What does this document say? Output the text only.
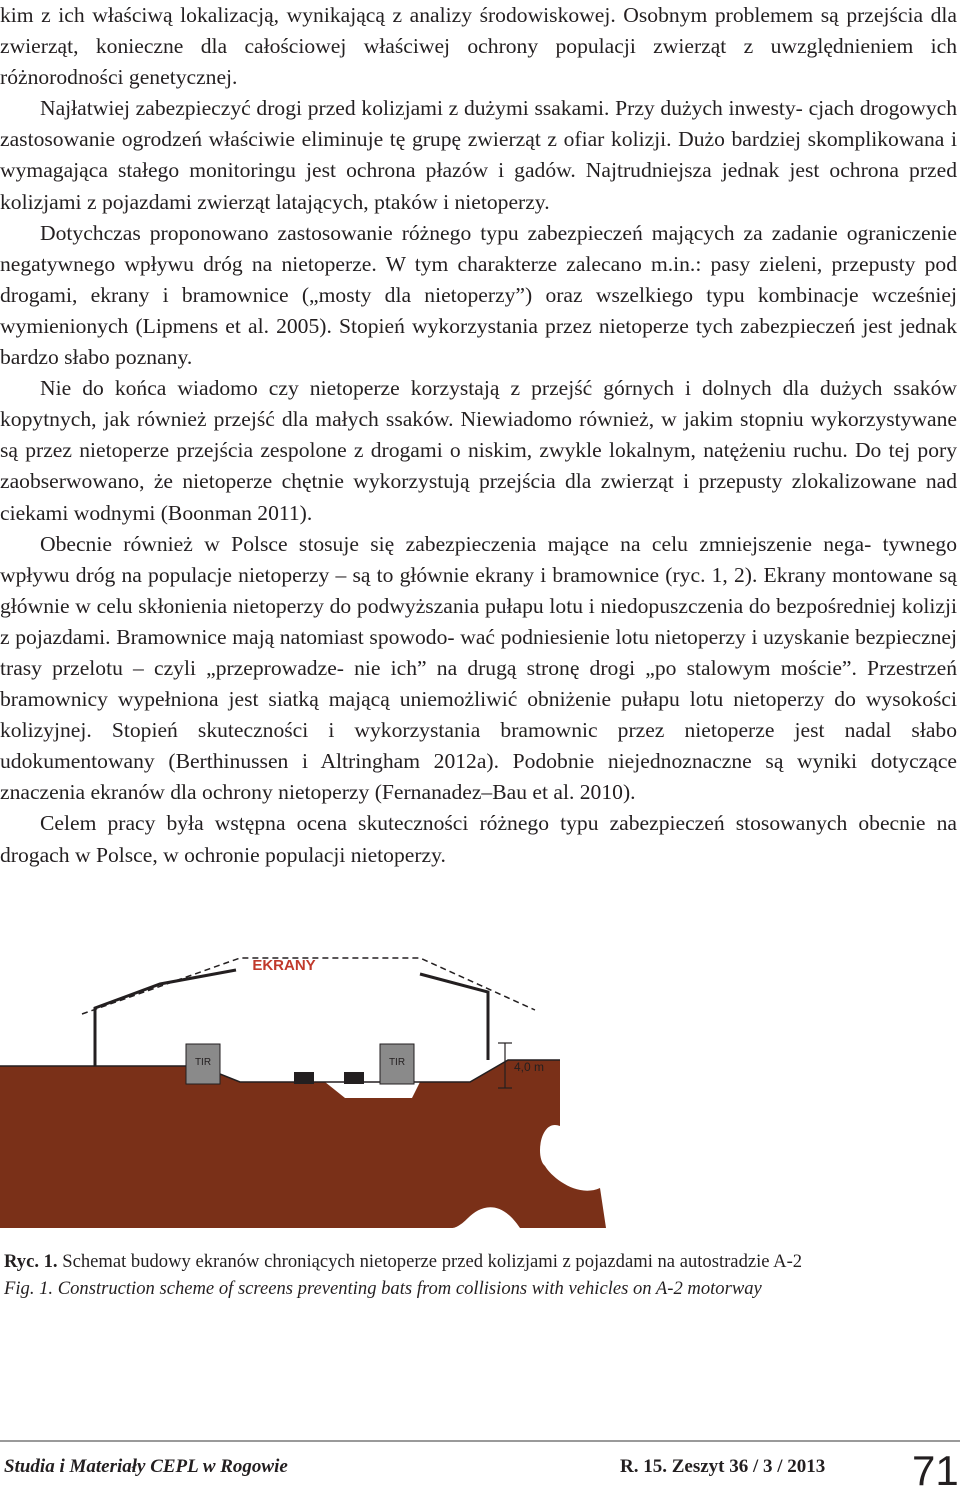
kim z ich właściwą lokalizacją, wynikającą z analizy środowiskowej. Osobnym problemem są przejścia dla zwierząt, konieczne dla całościowej właściwej ochrony populacji zwierząt z uwzględnieniem ich różnorodności genetycznej.

Najłatwiej zabezpieczyć drogi przed kolizjami z dużymi ssakami. Przy dużych inwesty- cjach drogowych zastosowanie ogrodzeń właściwie eliminuje tę grupę zwierząt z ofiar kolizji. Dużo bardziej skomplikowana i wymagająca stałego monitoringu jest ochrona płazów i gadów. Najtrudniejsza jednak jest ochrona przed kolizjami z pojazdami zwierząt latających, ptaków i nietoperzy.

Dotychczas proponowano zastosowanie różnego typu zabezpieczeń mających za zadanie ograniczenie negatywnego wpływu dróg na nietoperze. W tym charakterze zalecano m.in.: pasy zieleni, przepusty pod drogami, ekrany i bramownice („mosty dla nietoperzy”) oraz wszelkiego typu kombinacje wcześniej wymienionych (Lipmens et al. 2005). Stopień wykorzystania przez nietoperze tych zabezpieczeń jest jednak bardzo słabo poznany.

Nie do końca wiadomo czy nietoperze korzystają z przejść górnych i dolnych dla dużych ssaków kopytnych, jak również przejść dla małych ssaków. Niewiadomo również, w jakim stopniu wykorzystywane są przez nietoperze przejścia zespolone z drogami o niskim, zwykle lokalnym, natężeniu ruchu. Do tej pory zaobserwowano, że nietoperze chętnie wykorzystują przejścia dla zwierząt i przepusty zlokalizowane nad ciekami wodnymi (Boonman 2011).

Obecnie również w Polsce stosuje się zabezpieczenia mające na celu zmniejszenie nega- tywnego wpływu dróg na populacje nietoperzy – są to głównie ekrany i bramownice (ryc. 1, 2). Ekrany montowane są głównie w celu skłonienia nietoperzy do podwyższania pułapu lotu i niedopuszczenia do bezpośredniej kolizji z pojazdami. Bramownice mają natomiast spowodo- wać podniesienie lotu nietoperzy i uzyskanie bezpiecznej trasy przelotu – czyli „przeprowadze- nie ich” na drugą stronę drogi „po stalowym moście”. Przestrzeń bramownicy wypełniona jest siatką mającą uniemożliwić obniżenie pułapu lotu nietoperzy do wysokości kolizyjnej. Stopień skuteczności i wykorzystania bramownic przez nietoperze jest nadal słabo udokumentowany (Berthinussen i Altringham 2012a). Podobnie niejednoznaczne są wyniki dotyczące znaczenia ekranów dla ochrony nietoperzy (Fernanadez–Bau et al. 2010).

Celem pracy była wstępna ocena skuteczności różnego typu zabezpieczeń stosowanych obecnie na drogach w Polsce, w ochronie populacji nietoperzy.

4,0 m
EKRANY
TIR	TIR
Ryc. 1. Schemat budowy ekranów chroniących nietoperze przed kolizjami z pojazdami na autostradzie A-2
Fig. 1. Construction scheme of screens preventing bats from collisions with vehicles on A-2 motorway
Studia i Materiały CEPL w Rogowie	R. 15. Zeszyt 36 / 3 / 2013 71
